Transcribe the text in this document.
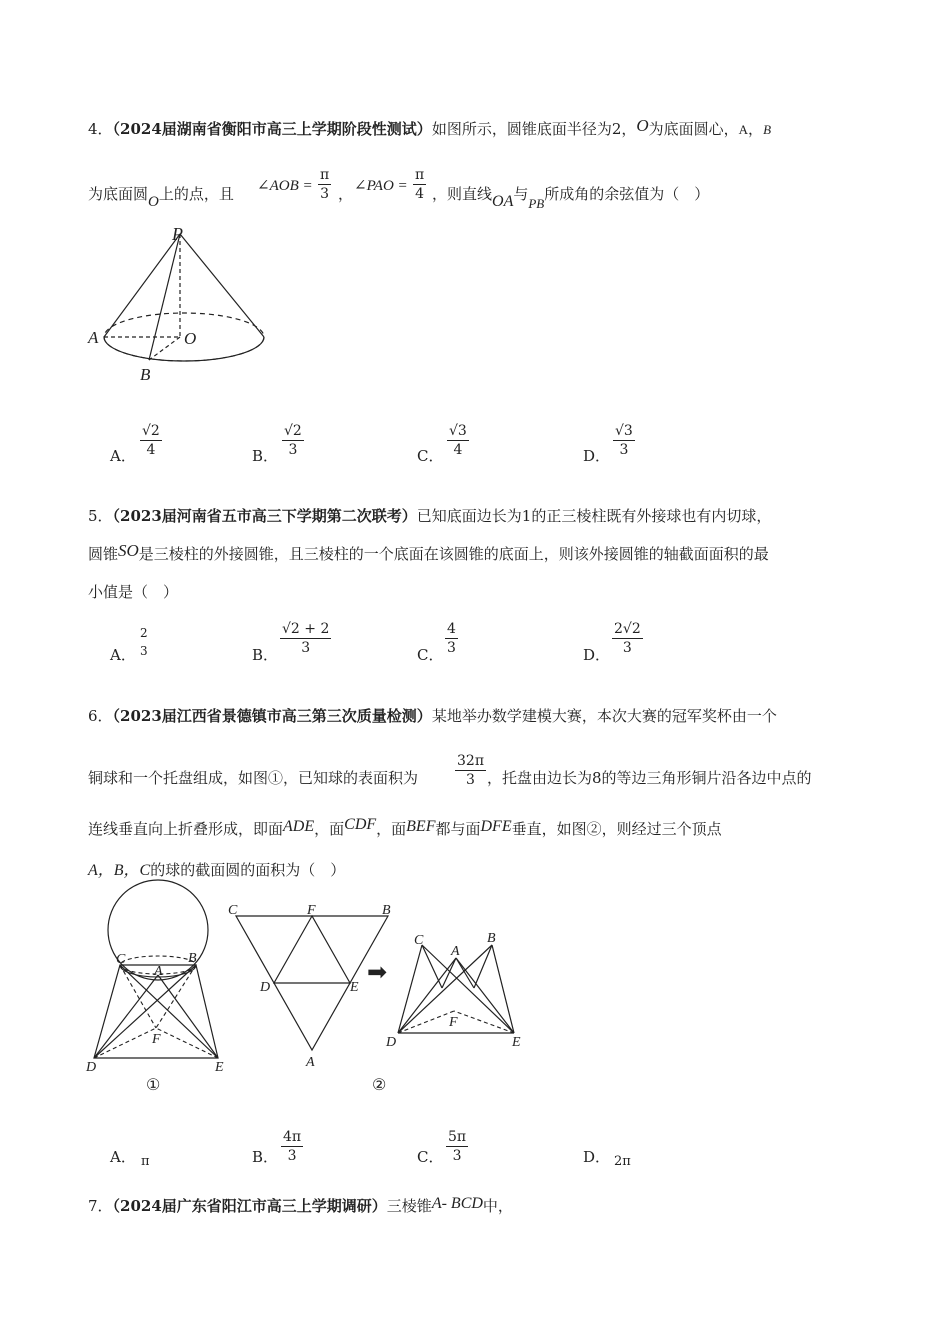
4．（2024届湖南省衡阳市高三上学期阶段性测试）如图所示，圆锥底面半径为2，O为底面圆心，A，B
为底面圆O上的点，且 ∠AOB = $\frac{\pi}{3}$ ， ∠PAO = $\frac{\pi}{4}$ ，则直线OA与PB所成角的余弦值为（　）
P
A	O
B
A． $\frac{√2}{4}$	B． $\frac{√2}{3}$	C． $\frac{√3}{4}$	D． $\frac{√3}{3}$
5．（2023届河南省五市高三下学期第二次联考）已知底面边长为1的正三棱柱既有外接球也有内切球，
圆锥SO是三棱柱的外接圆锥，且三棱柱的一个底面在该圆锥的底面上，则该外接圆锥的轴截面面积的最
小值是（　）
A．
2
3	B． $\frac{√2 + 2}{3}$	C． $\frac{4}{3}$	D． $\frac{2√2}{3}$
6．（2023届江西省景德镇市高三第三次质量检测）某地举办数学建模大赛，本次大赛的冠军奖杯由一个
铜球和一个托盘组成，如图①，已知球的表面积为	$\frac{32\pi}{3}$ ，托盘由边长为8的等边三角形铜片沿各边中点的
连线垂直向上折叠形成，即面ADE，面CDF，面BEF都与面DFE垂直，如图②，则经过三个顶点
A，B，C的球的截面圆的面积为（　）
C
A
B
F
D	E
①
C	F	B
D	E
A
②
➡
C
A
B
F
D	E
A． π	B． $\frac{4\pi}{3}$	C． $\frac{5\pi}{3}$	D． 2π
7．（2024届广东省阳江市高三上学期调研）三棱锥A- BCD中，
